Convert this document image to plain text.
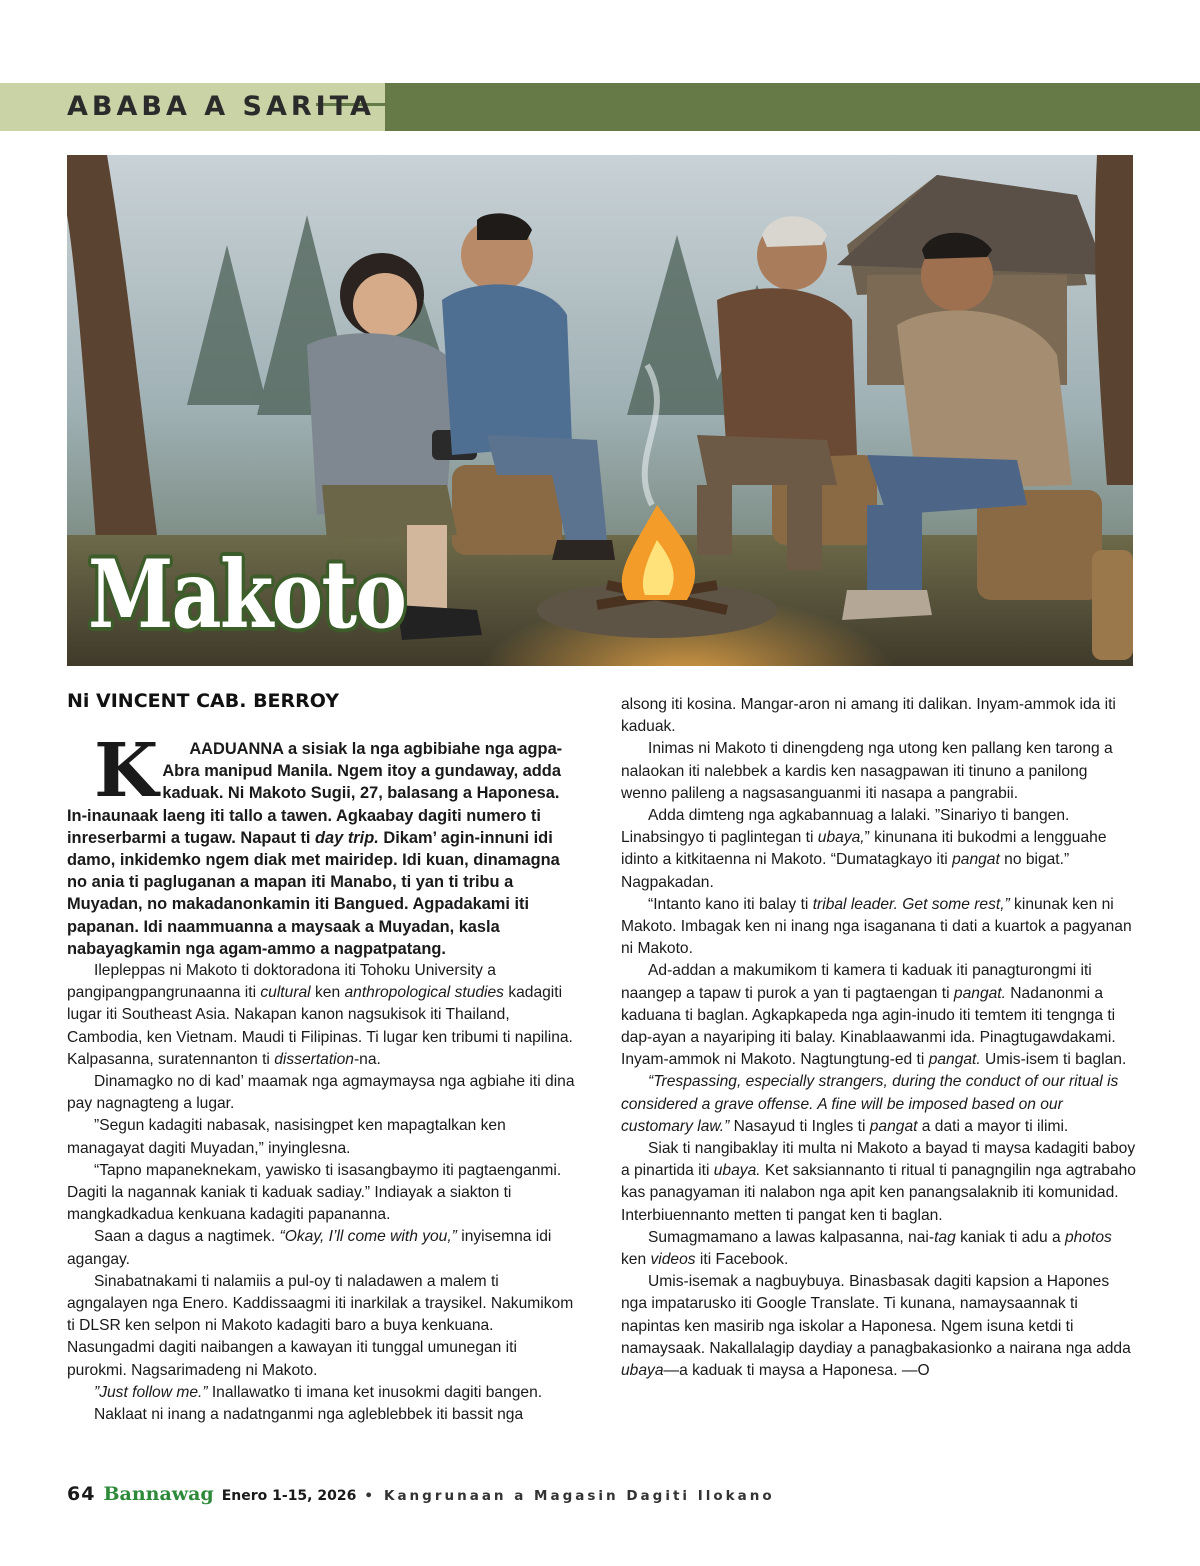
ABABA A SARITA
Makoto
Ni VINCENT CAB. BERROY

K AADUANNA a sisiak la nga agbibiahe nga agpa-Abra manipud Manila. Ngem itoy a gundaway, adda kaduak. Ni Makoto Sugii, 27, balasang a Haponesa. In-inaunaak laeng iti tallo a tawen. Agkaabay dagiti numero ti inreserbarmi a tugaw. Napaut ti day trip. Dikam’ agin-innuni idi damo, inkidemko ngem diak met mairidep. Idi kuan, dinamagna no ania ti pagluganan a mapan iti Manabo, ti yan ti tribu a Muyadan, no makadanonkamin iti Bangued. Agpadakami iti papanan. Idi naammuanna a maysaak a Muyadan, kasla nabayagkamin nga agam-ammo a nagpatpatang.

Ilepleppas ni Makoto ti doktoradona iti Tohoku University a pangipangpangrunaanna iti cultural ken anthropological studies kadagiti lugar iti Southeast Asia. Nakapan kanon nagsukisok iti Thailand, Cambodia, ken Vietnam. Maudi ti Filipinas. Ti lugar ken tribumi ti napilina. Kalpasanna, suratennanton ti dissertation-na.

Dinamagko no di kad’ maamak nga agmaymaysa nga agbiahe iti dina pay nagnagteng a lugar.

”Segun kadagiti nabasak, nasisingpet ken mapagtalkan ken managayat dagiti Muyadan,” inyinglesna.

“Tapno mapaneknekam, yawisko ti isasangbaymo iti pagtaenganmi. Dagiti la nagannak kaniak ti kaduak sadiay.” Indiayak a siakton ti mangkadkadua kenkuana kadagiti papananna.

Saan a dagus a nagtimek. “Okay, I’ll come with you,” inyisemna idi agangay.

Sinabatnakami ti nalamiis a pul-oy ti naladawen a malem ti agngalayen nga Enero. Kaddissaagmi iti inarkilak a traysikel. Nakumikom ti DLSR ken selpon ni Makoto kadagiti baro a buya kenkuana. Nasungadmi dagiti naibangen a kawayan iti tunggal umunegan iti purokmi. Nagsarimadeng ni Makoto.

”Just follow me.” Inallawatko ti imana ket inusokmi dagiti bangen.

Naklaat ni inang a nadatnganmi nga agleblebbek iti bassit nga

alsong iti kosina. Mangar-aron ni amang iti dalikan. Inyam-ammok ida iti kaduak.

Inimas ni Makoto ti dinengdeng nga utong ken pallang ken tarong a nalaokan iti nalebbek a kardis ken nasagpawan iti tinuno a panilong wenno palileng a nagsasanguanmi iti nasapa a pangrabii.

Adda dimteng nga agkabannuag a lalaki. ”Sinariyo ti bangen. Linabsingyo ti paglintegan ti ubaya,” kinunana iti bukodmi a lengguahe idinto a kitkitaenna ni Makoto. “Dumatagkayo iti pangat no bigat.” Nagpakadan.

“Intanto kano iti balay ti tribal leader. Get some rest,” kinunak ken ni Makoto. Imbagak ken ni inang nga isaganana ti dati a kuartok a pagyanan ni Makoto.

Ad-addan a makumikom ti kamera ti kaduak iti panagturongmi iti naangep a tapaw ti purok a yan ti pagtaengan ti pangat. Nadanonmi a kaduana ti baglan. Agkapkapeda nga agin-inudo iti temtem iti tengnga ti dap-ayan a nayariping iti balay. Kinablaawanmi ida. Pinagtugawdakami. Inyam-ammok ni Makoto. Nagtungtung-ed ti pangat. Umis-isem ti baglan.

“Trespassing, especially strangers, during the conduct of our ritual is considered a grave offense. A fine will be imposed based on our customary law.” Nasayud ti Ingles ti pangat a dati a mayor ti ilimi.

Siak ti nangibaklay iti multa ni Makoto a bayad ti maysa kadagiti baboy a pinartida iti ubaya. Ket saksiannanto ti ritual ti panagngilin nga agtrabaho kas panagyaman iti nalabon nga apit ken panangsalaknib iti komunidad. Interbiuennanto metten ti pangat ken ti baglan.

Sumagmamano a lawas kalpasanna, nai-tag kaniak ti adu a photos ken videos iti Facebook.

Umis-isemak a nagbuybuya. Binasbasak dagiti kapsion a Hapones nga impatarusko iti Google Translate. Ti kunana, namaysaannak ti napintas ken masirib nga iskolar a Haponesa. Ngem isuna ketdi ti namaysaak. Nakallalagip daydiay a panagbakasionko a nairana nga adda ubaya—a kaduak ti maysa a Haponesa. —O

64 Bannawag Enero 1-15, 2026 • Kangrunaan a Magasin Dagiti Ilokano
